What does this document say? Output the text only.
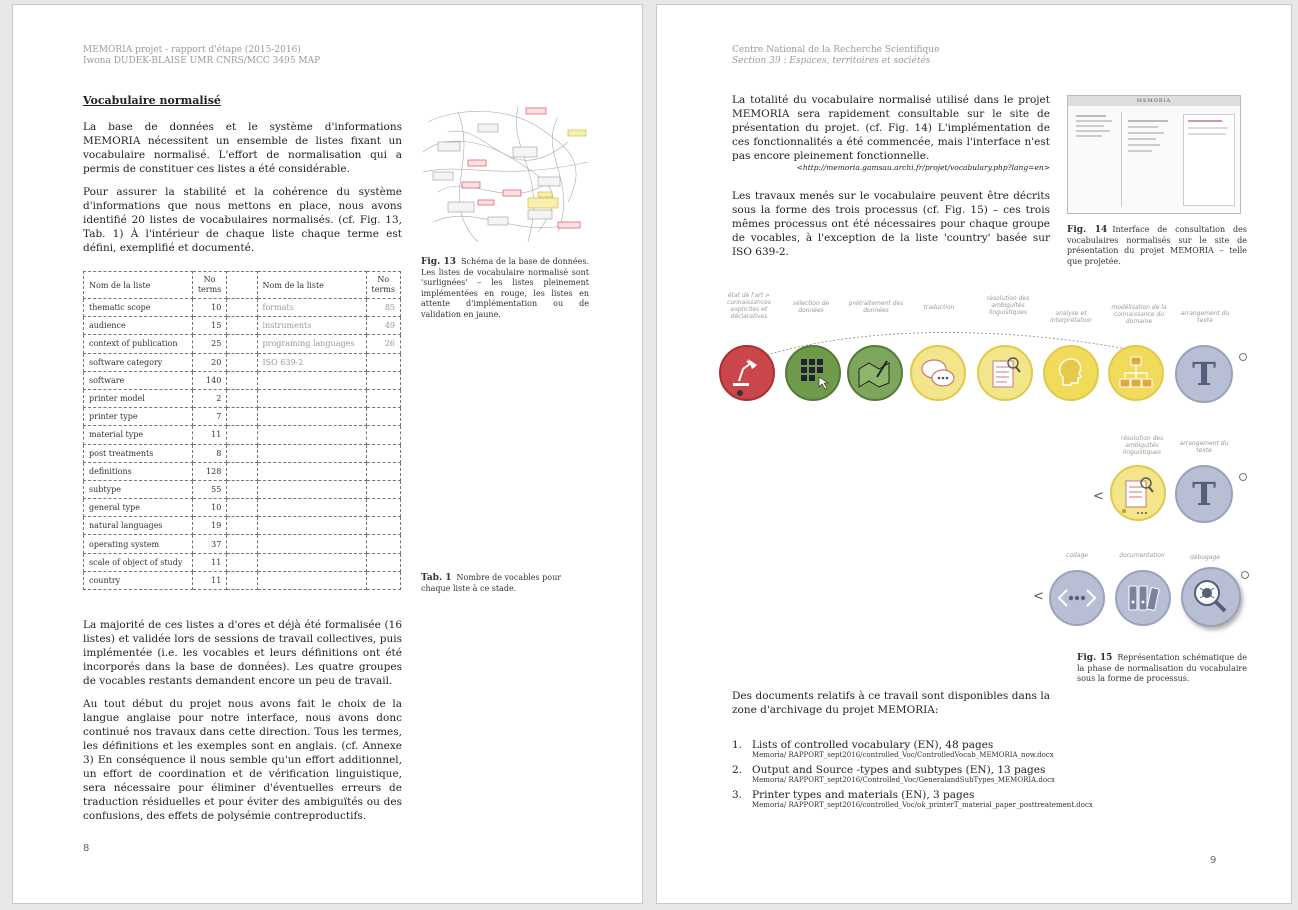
MEMORIA projet - rapport d'étape (2015-2016)
Iwona DUDEK-BLAISE UMR CNRS/MCC 3495 MAP
Vocabulaire normalisé

La base de données et le système d'informations MEMORIA nécessitent un ensemble de listes fixant un vocabulaire normalisé. L'effort de normalisation qui a permis de constituer ces listes a été considérable.

Pour assurer la stabilité et la cohérence du système d'informations que nous mettons en place, nous avons identifié 20 listes de vocabulaires normalisés. (cf. Fig. 13, Tab. 1) À l'intérieur de chaque liste chaque terme est défini, exemplifié et documenté.

Fig. 13 Schéma de la base de données. Les listes de vocabulaire normalisé sont 'surlignées' – les listes pleinement implémentées en rouge, les listes en attente d'implémentation ou de validation en jaune.
Nom de la liste	No terms		Nom de la liste	No terms
thematic scope	10		formats	85
audience	15		instruments	49
context of publication	25		programing languages	26
software category	20		ISO 639-2	
software	140			
printer model	2			
printer type	7			
material type	11			
post treatments	8			
definitions	128			
subtype	55			
general type	10			
natural languages	19			
operating system	37			
scale of object of study	11			
country	11				Tab. 1 Nombre de vocables pour chaque liste à ce stade.

La majorité de ces listes a d'ores et déjà été formalisée (16 listes) et validée lors de sessions de travail collectives, puis implémentée (i.e. les vocables et leurs définitions ont été incorporés dans la base de données). Les quatre groupes de vocables restants demandent encore un peu de travail.

Au tout début du projet nous avons fait le choix de la langue anglaise pour notre interface, nous avons donc continué nos travaux dans cette direction. Tous les termes, les définitions et les exemples sont en anglais. (cf. Annexe 3) En conséquence il nous semble qu'un effort additionnel, un effort de coordination et de vérification linguistique, sera nécessaire pour éliminer d'éventuelles erreurs de traduction résiduelles et pour éviter des ambiguïtés ou des confusions, des effets de polysémie contreproductifs.

8
Centre National de la Recherche Scientifique
Section 39 : Espaces, territoires et sociétés

La totalité du vocabulaire normalisé utilisé dans le projet MEMORIA sera rapidement consultable sur le site de présentation du projet. (cf. Fig. 14) L'implémentation de ces fonctionnalités a été commencée, mais l'interface n'est pas encore pleinement fonctionnelle.

<http://memoria.gamsau.archi.fr/projet/vocabulary.php?lang=en>

Les travaux menés sur le vocabulaire peuvent être décrits sous la forme des trois processus (cf. Fig. 15) – ces trois mêmes processus ont été nécessaires pour chaque groupe de vocables, à l'exception de la liste 'country' basée sur ISO 639-2.

MEMORIA
Fig. 14 Interface de consultation des vocabulaires normalisés sur le site de présentation du projet MEMORIA – telle que projetée.
état de l'art > connaissances explicites et déclaratives
sélection de données
prétraitement des données	traduction
résolution des ambiguïtés linguistiques	analyse et interprétation
modélisation de la connaissance du domaine
arrangement du texte
T
résolution des ambiguïtés linguistiques
arrangement du texte
<	T
codage	documentation	débogage
<
Fig. 15 Représentation schématique de la phase de normalisation du vocabulaire sous la forme de processus.

Des documents relatifs à ce travail sont disponibles dans la zone d'archivage du projet MEMORIA:

1. Lists of controlled vocabulary (EN), 48 pages
Memoria/ RAPPORT_sept2016/controlled_Voc/ControlledVocab_MEMORIA_now.docx
2. Output and Source -types and subtypes (EN), 13 pages
Memoria/ RAPPORT_sept2016/Controlled_Voc/GeneralandSubTypes_MEMORIA.docx
3. Printer types and materials (EN), 3 pages
Memoria/ RAPPORT_sept2016/controlled_Voc/ok_printerT_material_paper_posttreatement.docx
9
